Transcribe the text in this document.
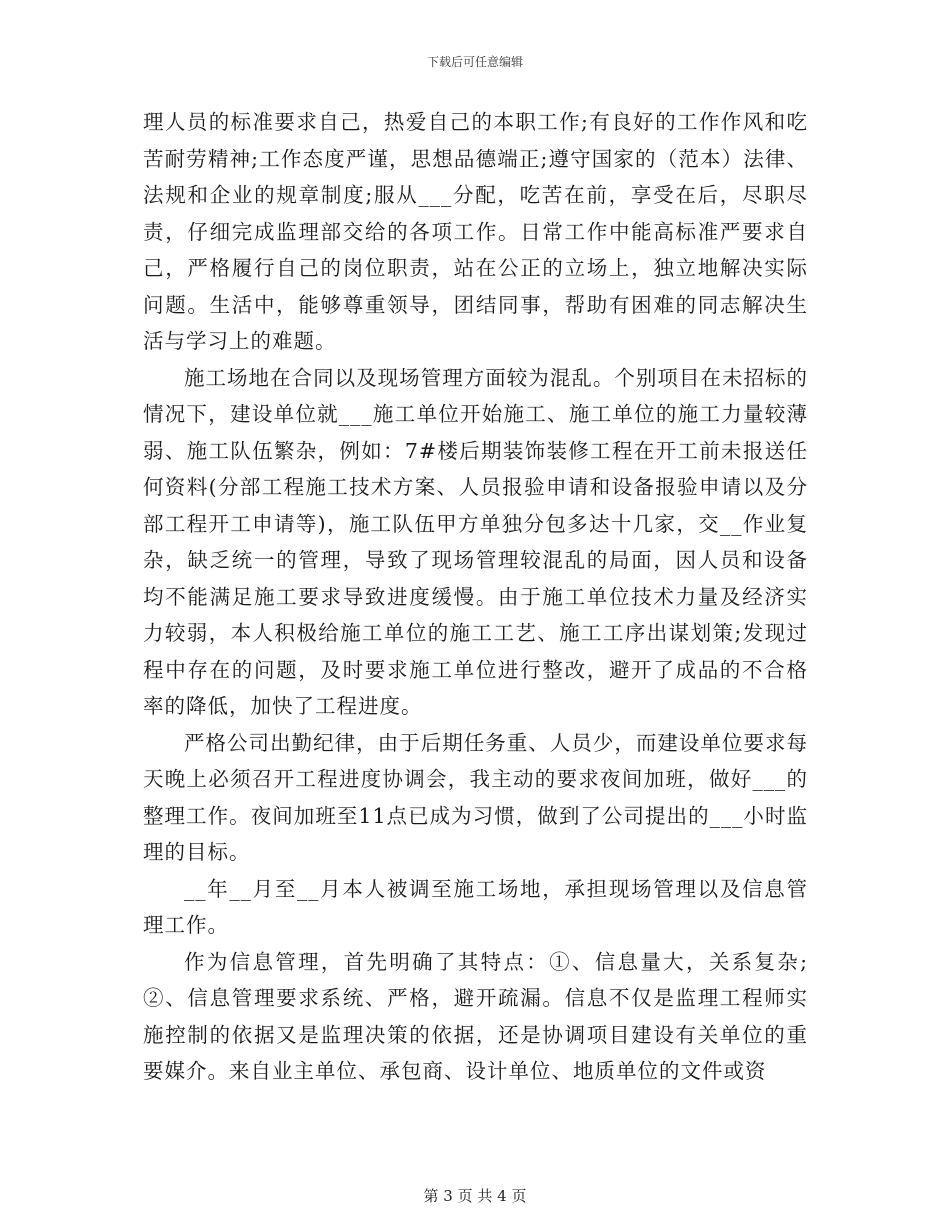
下载后可任意编辑

理人员的标准要求自己，热爱自己的本职工作;有良好的工作作风和吃苦耐劳精神;工作态度严谨，思想品德端正;遵守国家的（范本）法律、法规和企业的规章制度;服从___分配，吃苦在前，享受在后，尽职尽责，仔细完成监理部交给的各项工作。日常工作中能高标准严要求自己，严格履行自己的岗位职责，站在公正的立场上，独立地解决实际问题。生活中，能够尊重领导，团结同事，帮助有困难的同志解决生活与学习上的难题。

施工场地在合同以及现场管理方面较为混乱。个别项目在未招标的情况下，建设单位就___施工单位开始施工、施工单位的施工力量较薄弱、施工队伍繁杂，例如：7#楼后期装饰装修工程在开工前未报送任何资料(分部工程施工技术方案、人员报验申请和设备报验申请以及分部工程开工申请等)，施工队伍甲方单独分包多达十几家，交__作业复杂，缺乏统一的管理，导致了现场管理较混乱的局面，因人员和设备均不能满足施工要求导致进度缓慢。由于施工单位技术力量及经济实力较弱，本人积极给施工单位的施工工艺、施工工序出谋划策;发现过程中存在的问题，及时要求施工单位进行整改，避开了成品的不合格率的降低，加快了工程进度。

严格公司出勤纪律，由于后期任务重、人员少，而建设单位要求每天晚上必须召开工程进度协调会，我主动的要求夜间加班，做好___的整理工作。夜间加班至11点已成为习惯，做到了公司提出的___小时监理的目标。

__年__月至__月本人被调至施工场地，承担现场管理以及信息管理工作。

作为信息管理，首先明确了其特点：①、信息量大，关系复杂;②、信息管理要求系统、严格，避开疏漏。信息不仅是监理工程师实施控制的依据又是监理决策的依据，还是协调项目建设有关单位的重要媒介。来自业主单位、承包商、设计单位、地质单位的文件或资

第 3 页 共 4 页
